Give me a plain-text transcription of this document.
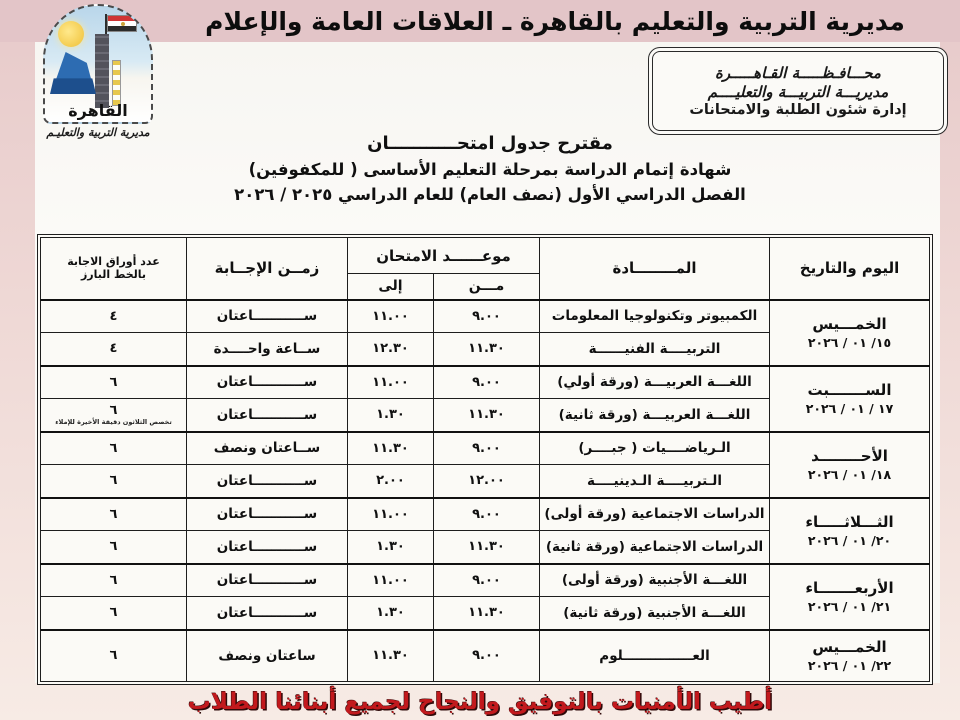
مديرية التربية والتعليم بالقاهرة ـ العلاقات العامة والإعلام
القاهرة
مديرية التربية والتعليـم
محـــافـظـــــة القـاهـــــرة
مديريـــة التربيـــة والتعليــــم
إدارة شئون الطلبة والامتحانات
مقترح جدول امتحـــــــــــان
شهادة إتمام الدراسة بمرحلة التعليم الأساسى ( للمكفوفين)
الفصل الدراسي الأول (نصف العام) للعام الدراسي ٢٠٢٥ / ٢٠٢٦
اليوم والتاريخ	المــــــــادة	موعــــــد الامتحان		زمــن الإجــابة	عدد أوراق الاجابة
بالخط البارز

		مـــن	إلى		

الخمـــيس
١٥/ ٠١ / ٢٠٢٦	الكمبيوتر وتكنولوجيا المعلومات	٩.٠٠	١١.٠٠	ســـــــــــاعتان	٤
	التربيــــة الفنيــــــة	١١.٣٠	١٢.٣٠	ســاعة واحــــدة	٤

الســـــــبت
١٧ / ٠١ / ٢٠٢٦	اللغـــة العربيـــة (ورقة أولي)	٩.٠٠	١١.٠٠	ســـــــــــاعتان	٦
	اللغـــة العربيـــة (ورقة ثانية)	١١.٣٠	١.٣٠	ســـــــــــاعتان	٦
تخصص الثلاثون دقيقة الأخيرة للإملاء

الأحــــــــد
١٨/ ٠١ / ٢٠٢٦	الـرياضــــيات ( جبــــر)	٩.٠٠	١١.٣٠	ســاعتان ونصف	٦
	الـتربيــــة الـدينيــــة	١٢.٠٠	٢.٠٠	ســـــــــــاعتان	٦

الثـــلاثـــــاء
٢٠/ ٠١ / ٢٠٢٦	الدراسات الاجتماعية (ورقة أولى)	٩.٠٠	١١.٠٠	ســـــــــــاعتان	٦
	الدراسات الاجتماعية (ورقة ثانية)	١١.٣٠	١.٣٠	ســـــــــــاعتان	٦

الأربعـــــــاء
٢١/ ٠١ / ٢٠٢٦	اللغـــة الأجنبية (ورقة أولى)	٩.٠٠	١١.٠٠	ســـــــــــاعتان	٦
	اللغـــة الأجنبية (ورقة ثانية)	١١.٣٠	١.٣٠	ســـــــــــاعتان	٦

الخمـــيس
٢٢/ ٠١ / ٢٠٢٦	العـــــــــــــــلوم	٩.٠٠	١١.٣٠	ساعتان ونصف	٦
أطيب الأمنيات بالتوفيق والنجاح لجميع أبنائنا الطلاب
